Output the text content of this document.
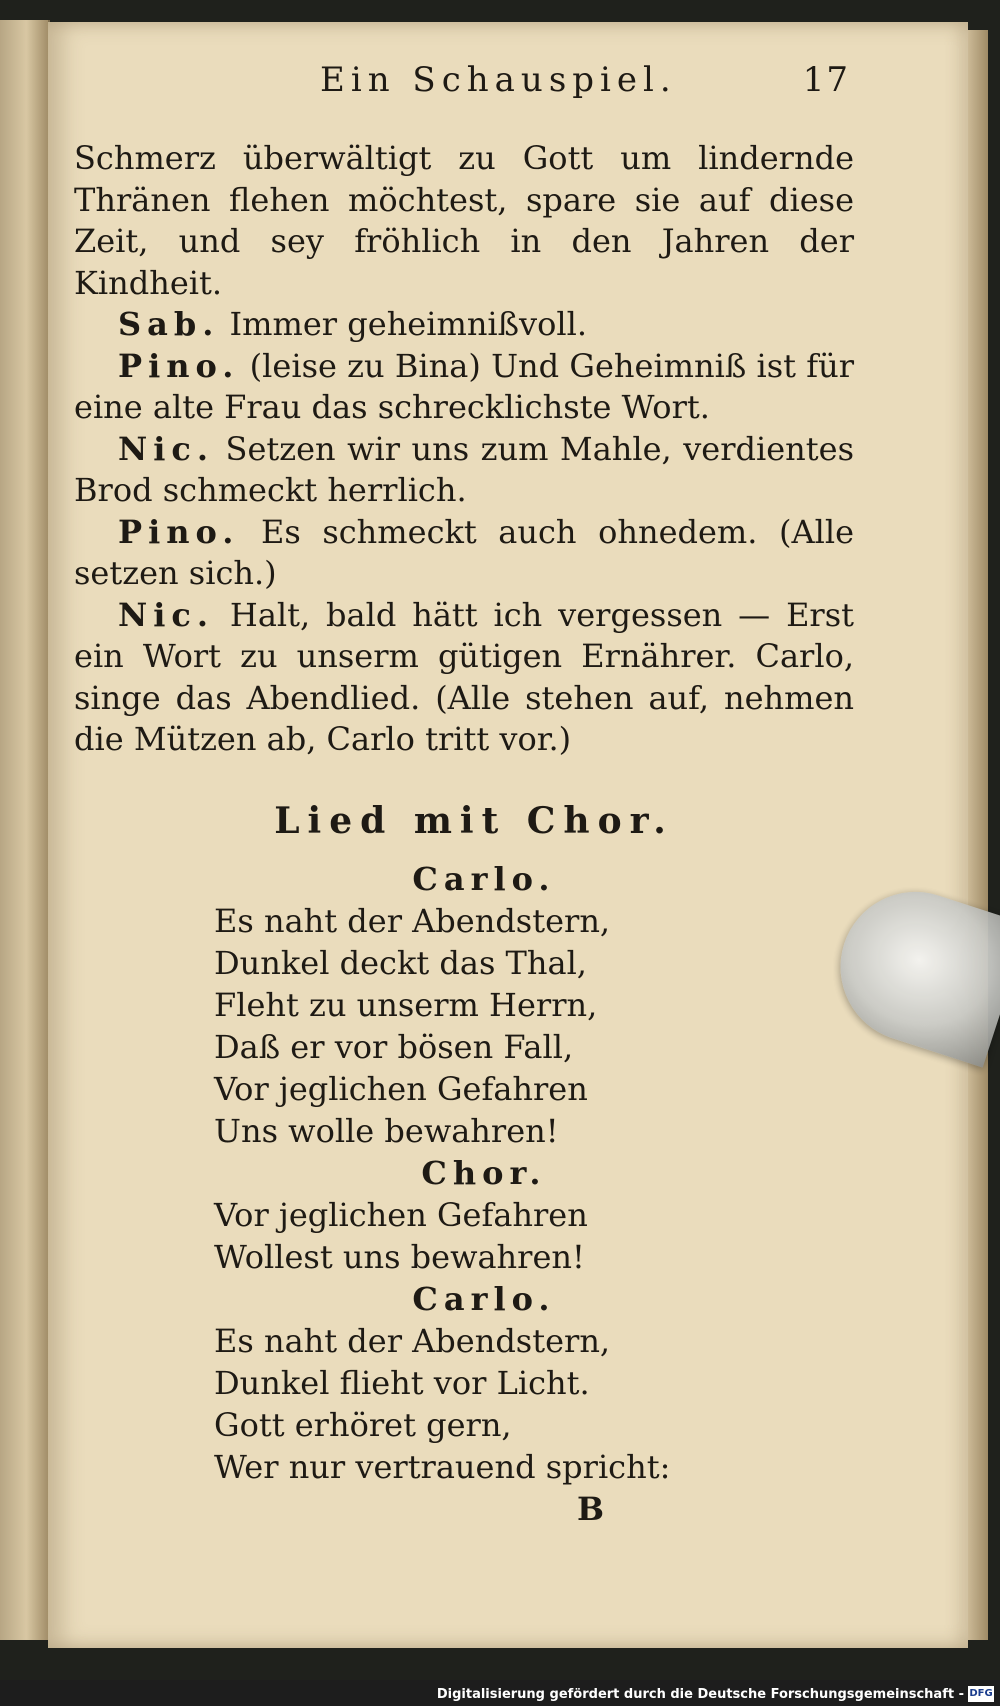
Ein Schauspiel.	17

Schmerz überwältigt zu Gott um lindernde Thränen flehen möchtest, spare sie auf diese Zeit, und sey fröhlich in den Jahren der Kindheit.

Sab. Immer geheimnißvoll.

Pino. (leise zu Bina) Und Geheimniß ist für eine alte Frau das schrecklichste Wort.

Nic. Setzen wir uns zum Mahle, verdientes Brod schmeckt herrlich.

Pino. Es schmeckt auch ohnedem. (Alle setzen sich.)

Nic. Halt, bald hätt ich vergessen — Erst ein Wort zu unserm gütigen Ernährer. Carlo, singe das Abendlied. (Alle stehen auf, nehmen die Mützen ab, Carlo tritt vor.)

Lied mit Chor.
Carlo.
Es naht der Abendstern,
Dunkel deckt das Thal,
Fleht zu unserm Herrn,
Daß er vor bösen Fall,
Vor jeglichen Gefahren
Uns wolle bewahren!
Chor.
Vor jeglichen Gefahren
Wollest uns bewahren!
Carlo.
Es naht der Abendstern,
Dunkel flieht vor Licht.
Gott erhöret gern,
Wer nur vertrauend spricht:
B
Digitalisierung gefördert durch die Deutsche Forschungsgemeinschaft - DFG
